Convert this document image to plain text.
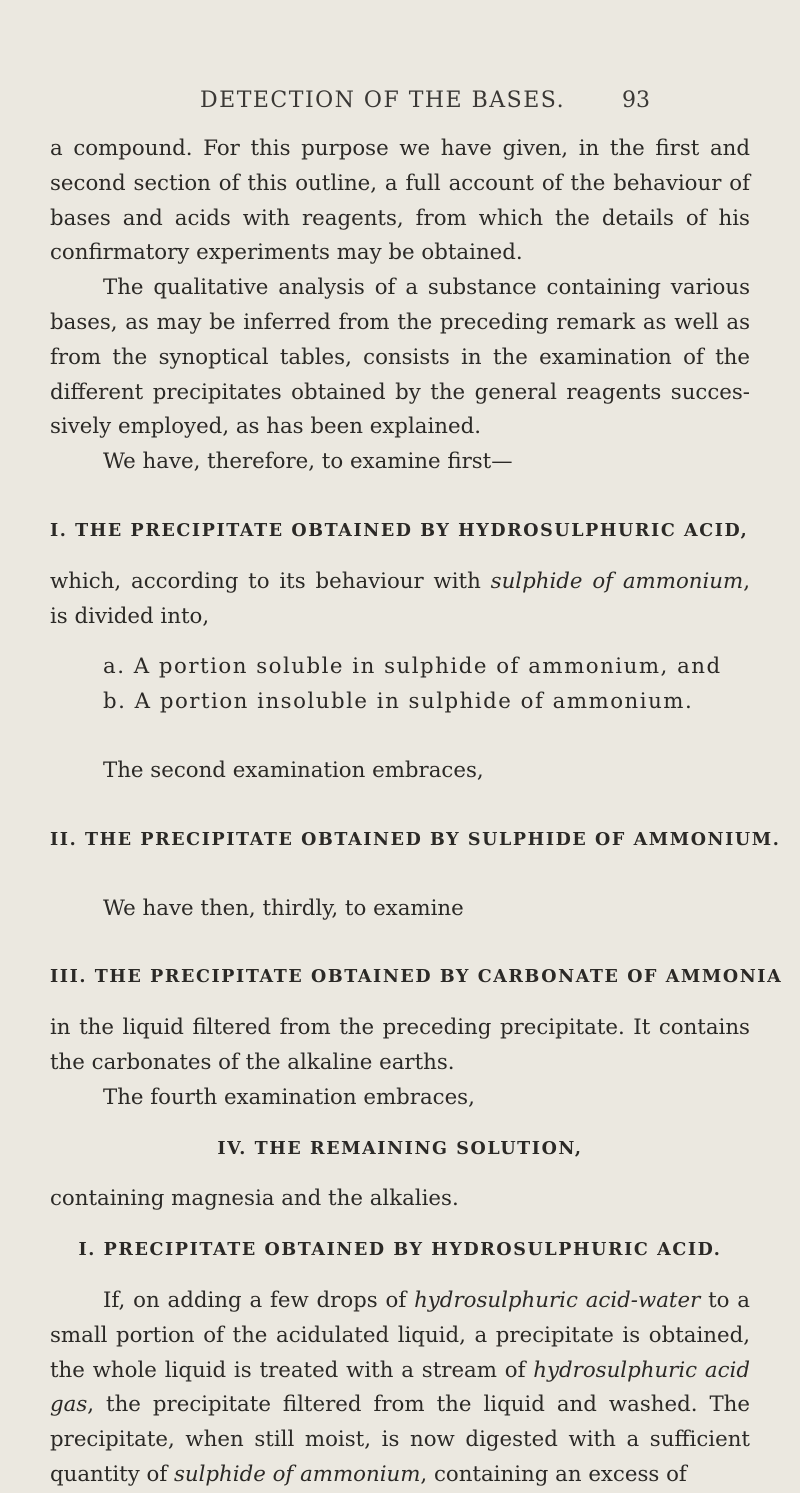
DETECTION OF THE BASES.	93

a compound. For this purpose we have given, in the first and second section of this outline, a full account of the behaviour of bases and acids with reagents, from which the details of his confirmatory experiments may be obtained.

The qualitative analysis of a substance containing various bases, as may be inferred from the preceding remark as well as from the synoptical tables, consists in the examination of the different precipitates obtained by the general reagents succes- sively employed, as has been explained.

We have, therefore, to examine first—

I. THE PRECIPITATE OBTAINED BY HYDROSULPHURIC ACID,

which, according to its behaviour with sulphide of ammonium, is divided into,

a. A portion soluble in sulphide of ammonium, and

b. A portion insoluble in sulphide of ammonium.

The second examination embraces,

II. THE PRECIPITATE OBTAINED BY SULPHIDE OF AMMONIUM.

We have then, thirdly, to examine

III. THE PRECIPITATE OBTAINED BY CARBONATE OF AMMONIA

in the liquid filtered from the preceding precipitate. It contains the carbonates of the alkaline earths.

The fourth examination embraces,

IV. THE REMAINING SOLUTION,

containing magnesia and the alkalies.

I. PRECIPITATE OBTAINED BY HYDROSULPHURIC ACID.

If, on adding a few drops of hydrosulphuric acid-water to a small portion of the acidulated liquid, a precipitate is obtained, the whole liquid is treated with a stream of hydrosulphuric acid gas, the precipitate filtered from the liquid and washed. The precipitate, when still moist, is now digested with a sufficient quantity of sulphide of ammonium, containing an excess of
